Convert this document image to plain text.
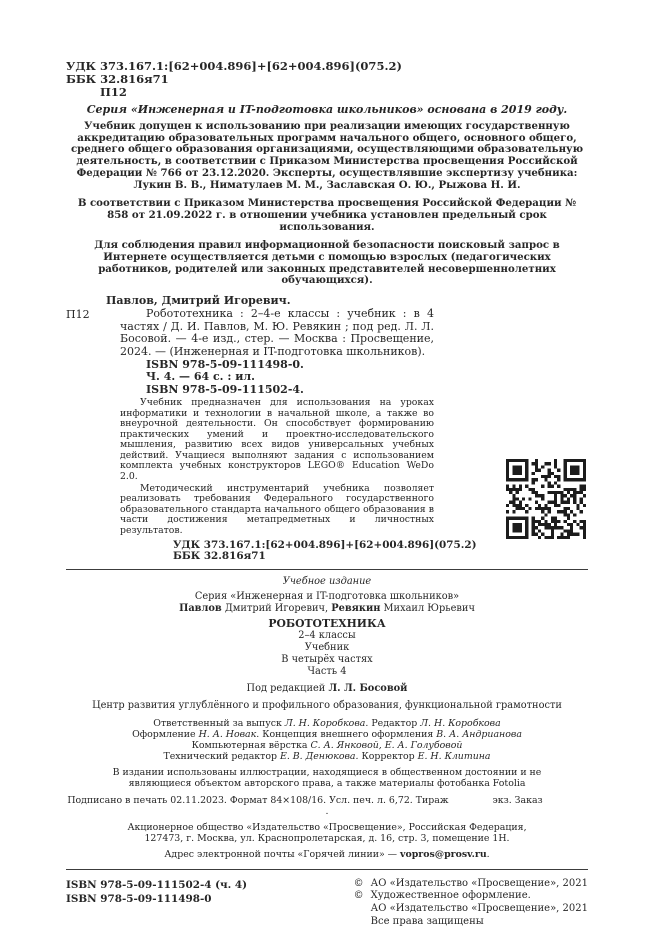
УДК 373.167.1:[62+004.896]+[62+004.896](075.2)
ББК 32.816я71
П12
Серия «Инженерная и IT-подготовка школьников» основана в 2019 году.

Учебник допущен к использованию при реализации имеющих государственную аккредитацию образовательных программ начального общего, основного общего, среднего общего образования организациями, осуществляющими образовательную деятельность, в соответствии с Приказом Министерства просвещения Российской Федерации № 766 от 23.12.2020. Эксперты, осуществлявшие экспертизу учебника: Лукин В. В., Ниматулаев М. М., Заславская О. Ю., Рыжова Н. И.

В соответствии с Приказом Министерства просвещения Российской Федерации № 858 от 21.09.2022 г. в отношении учебника установлен предельный срок использования.

Для соблюдения правил информационной безопасности поисковый запрос в Интернете осуществляется детьми с помощью взрослых (педагогических работников, родителей или законных представителей несовершеннолетних обучающихся).

Павлов, Дмитрий Игоревич.
П12	Робототехника : 2–4-е классы : учебник : в 4 частях / Д. И. Павлов, М. Ю. Ревякин ; под ред. Л. Л. Босовой. — 4-е изд., стер. — Москва : Просвещение, 2024. — (Инженерная и IT-подготовка школьников).

ISBN 978-5-09-111498-0.
Ч. 4. — 64 с. : ил.
ISBN 978-5-09-111502-4.

Учебник предназначен для использования на уроках информатики и технологии в начальной школе, а также во внеурочной деятельности. Он способствует формированию практических умений и проектно-исследовательского мышления, развитию всех видов универсальных учебных действий. Учащиеся выполняют задания с использованием комплекта учебных конструкторов LEGO® Education WeDo 2.0.

Методический инструментарий учебника позволяет реализовать требования Федерального государственного образовательного стандарта начального общего образования в части достижения метапредметных и личностных результатов.

УДК 373.167.1:[62+004.896]+[62+004.896](075.2)
ББК 32.816я71
Учебное издание
Серия «Инженерная и IT-подготовка школьников»
Павлов Дмитрий Игоревич, Ревякин Михаил Юрьевич
РОБОТОТЕХНИКА
2–4 классы
Учебник
В четырёх частях
Часть 4
Под редакцией Л. Л. Босовой
Центр развития углублённого и профильного образования, функциональной грамотности
Ответственный за выпуск Л. Н. Коробкова. Редактор Л. Н. Коробкова
Оформление Н. А. Новак. Концепция внешнего оформления В. А. Андрианова
Компьютерная вёрстка С. А. Янковой, Е. А. Голубовой
Технический редактор Е. В. Денюкова. Корректор Е. Н. Клитина
В издании использованы иллюстрации, находящиеся в общественном достоянии и не являющиеся объектом авторского права, а также материалы фотобанка Fotolia
Подписано в печать 02.11.2023. Формат 84×108/16. Усл. печ. л. 6,72. Тираж	экз. Заказ.
Акционерное общество «Издательство «Просвещение», Российская Федерация, 127473, г. Москва, ул. Краснопролетарская, д. 16, стр. 3, помещение 1Н.
Адрес электронной почты «Горячей линии» — vopros@prosv.ru.
ISBN 978-5-09-111502-4 (ч. 4)
ISBN 978-5-09-111498-0
© АО «Издательство «Просвещение», 2021
© Художественное оформление.
АО «Издательство «Просвещение», 2021
Все права защищены
